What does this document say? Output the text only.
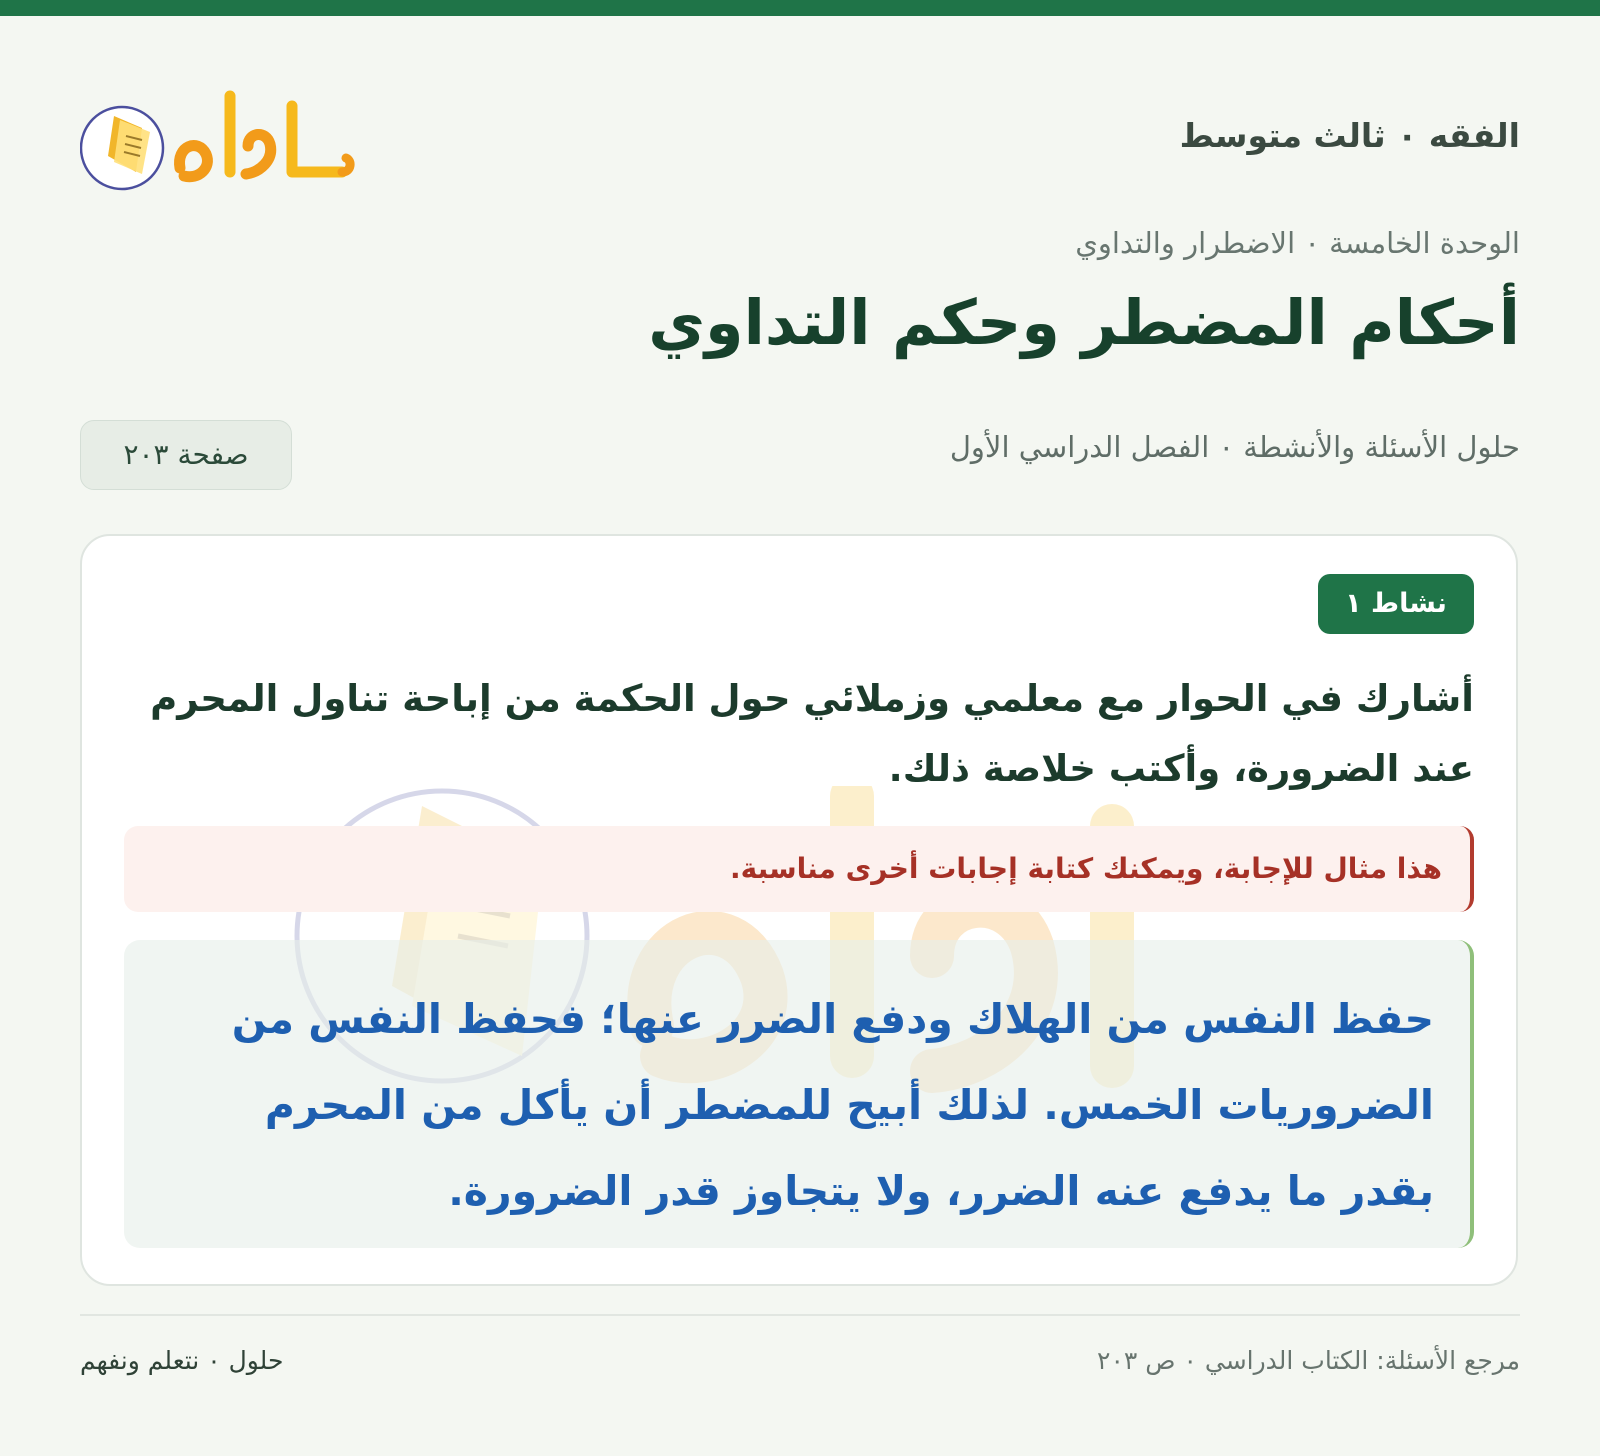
الفقه ٠ ثالث متوسط
الوحدة الخامسة ٠ الاضطرار والتداوي
أحكام المضطر وحكم التداوي
حلول الأسئلة والأنشطة ٠ الفصل الدراسي الأول
صفحة ٢٠٣
نشاط ١

أشارك في الحوار مع معلمي وزملائي حول الحكمة من إباحة تناول المحرم عند الضرورة، وأكتب خلاصة ذلك.

هذا مثال للإجابة، ويمكنك كتابة إجابات أخرى مناسبة.
حفظ النفس من الهلاك ودفع الضرر عنها؛ فحفظ النفس من الضروريات الخمس. لذلك أبيح للمضطر أن يأكل من المحرم بقدر ما يدفع عنه الضرر، ولا يتجاوز قدر الضرورة.
مرجع الأسئلة: الكتاب الدراسي ٠ ص ٢٠٣
حلول ٠ نتعلم ونفهم
